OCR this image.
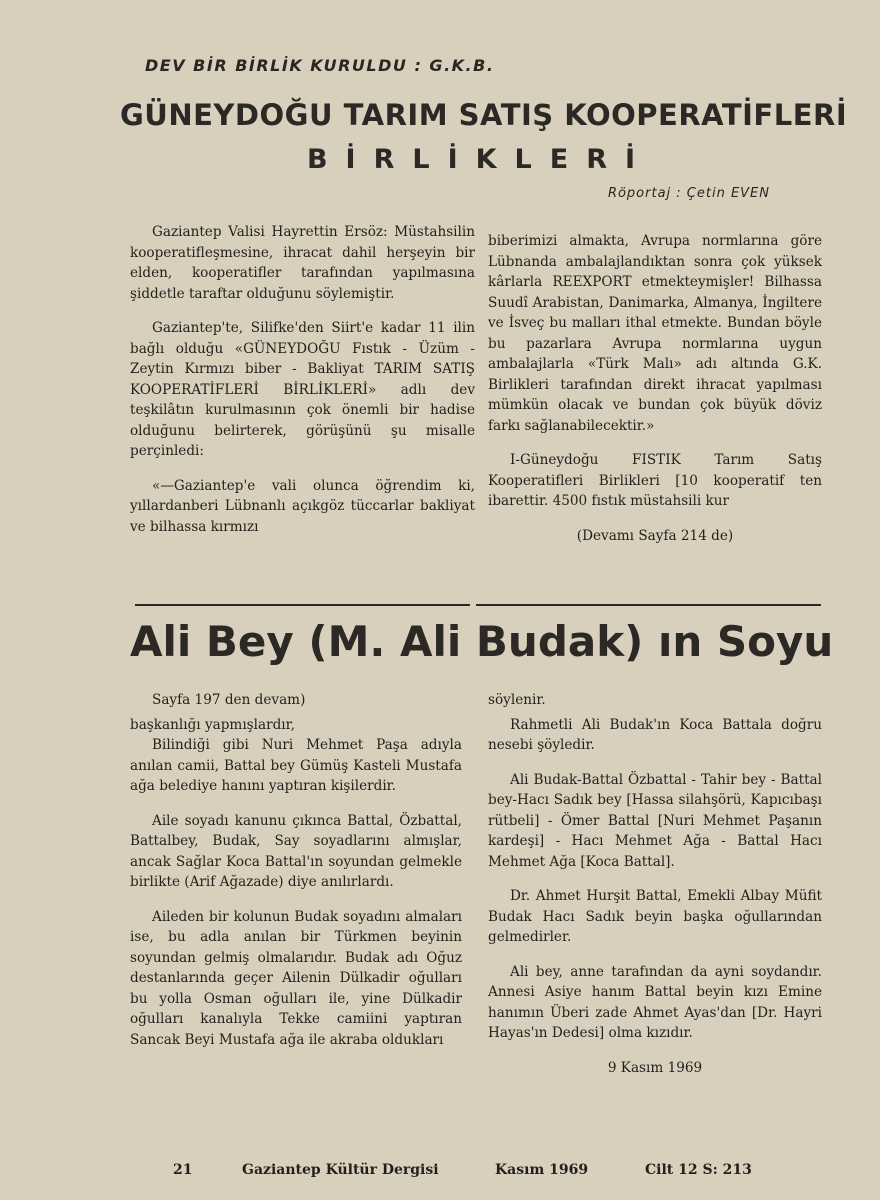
DEV BİR BİRLİK KURULDU : G.K.B.
GÜNEYDOĞU TARIM SATIŞ KOOPERATİFLERİ
BİRLİKLERİ
Röportaj : Çetin EVEN

Gaziantep Valisi Hayrettin Ersöz: Müstahsilin kooperatifleşmesine, ihracat dahil herşeyin bir elden, kooperatifler tarafından yapılmasına şiddetle taraftar olduğunu söylemiştir.

Gaziantep'te, Silifke'den Siirt'e kadar 11 ilin bağlı olduğu «GÜNEYDOĞU Fıstık - Üzüm - Zeytin Kırmızı biber - Bakliyat TARIM SATIŞ KOOPERATİFLERİ BİRLİKLERİ» adlı dev teşkilâtın kurulmasının çok önemli bir hadise olduğunu belirterek, görüşünü şu misalle perçinledi:

«—Gaziantep'e vali olunca öğrendim ki, yıllardanberi Lübnanlı açıkgöz tüccarlar bakliyat ve bilhassa kırmızı

biberimizi almakta, Avrupa normlarına göre Lübnanda ambalajlandıktan sonra çok yüksek kârlarla REEXPORT etmekteymişler! Bilhassa Suudî Arabistan, Danimarka, Almanya, İngiltere ve İsveç bu malları ithal etmekte. Bundan böyle bu pazarlara Avrupa normlarına uygun ambalajlarla «Türk Malı» adı altında G.K. Birlikleri tarafından direkt ihracat yapılması mümkün olacak ve bundan çok büyük döviz farkı sağlanabilecektir.»

I-Güneydoğu FISTIK Tarım Satış Kooperatifleri Birlikleri [10 kooperatif ten ibarettir. 4500 fıstık müstahsili kur

(Devamı Sayfa 214 de)

Ali Bey (M. Ali Budak) ın Soyu

Sayfa 197 den devam)

başkanlığı yapmışlardır,

Bilindiği gibi Nuri Mehmet Paşa adıyla anılan camii, Battal bey Gümüş Kasteli Mustafa ağa belediye hanını yaptıran kişilerdir.

Aile soyadı kanunu çıkınca Battal, Özbattal, Battalbey, Budak, Say soyadlarını almışlar, ancak Sağlar Koca Battal'ın soyundan gelmekle birlikte (Arif Ağazade) diye anılırlardı.

Aileden bir kolunun Budak soyadını almaları ise, bu adla anılan bir Türkmen beyinin soyundan gelmiş olmalarıdır. Budak adı Oğuz destanlarında geçer Ailenin Dülkadir oğulları bu yolla Osman oğulları ile, yine Dülkadir oğulları kanalıyla Tekke camiini yaptıran Sancak Beyi Mustafa ağa ile akraba oldukları

söylenir.

Rahmetli Ali Budak'ın Koca Battala doğru nesebi şöyledir.

Ali Budak-Battal Özbattal - Tahir bey - Battal bey-Hacı Sadık bey [Hassa silahşörü, Kapıcıbaşı rütbeli] - Ömer Battal [Nuri Mehmet Paşanın kardeşi] - Hacı Mehmet Ağa - Battal Hacı Mehmet Ağa [Koca Battal].

Dr. Ahmet Hurşit Battal, Emekli Albay Müfit Budak Hacı Sadık beyin başka oğullarından gelmedirler.

Ali bey, anne tarafından da ayni soydandır. Annesi Asiye hanım Battal beyin kızı Emine hanımın Überi zade Ahmet Ayas'dan [Dr. Hayri Hayas'ın Dedesi] olma kızıdır.

9 Kasım 1969

21	Gaziantep Kültür Dergisi	Kasım 1969	Cilt 12 S: 213
